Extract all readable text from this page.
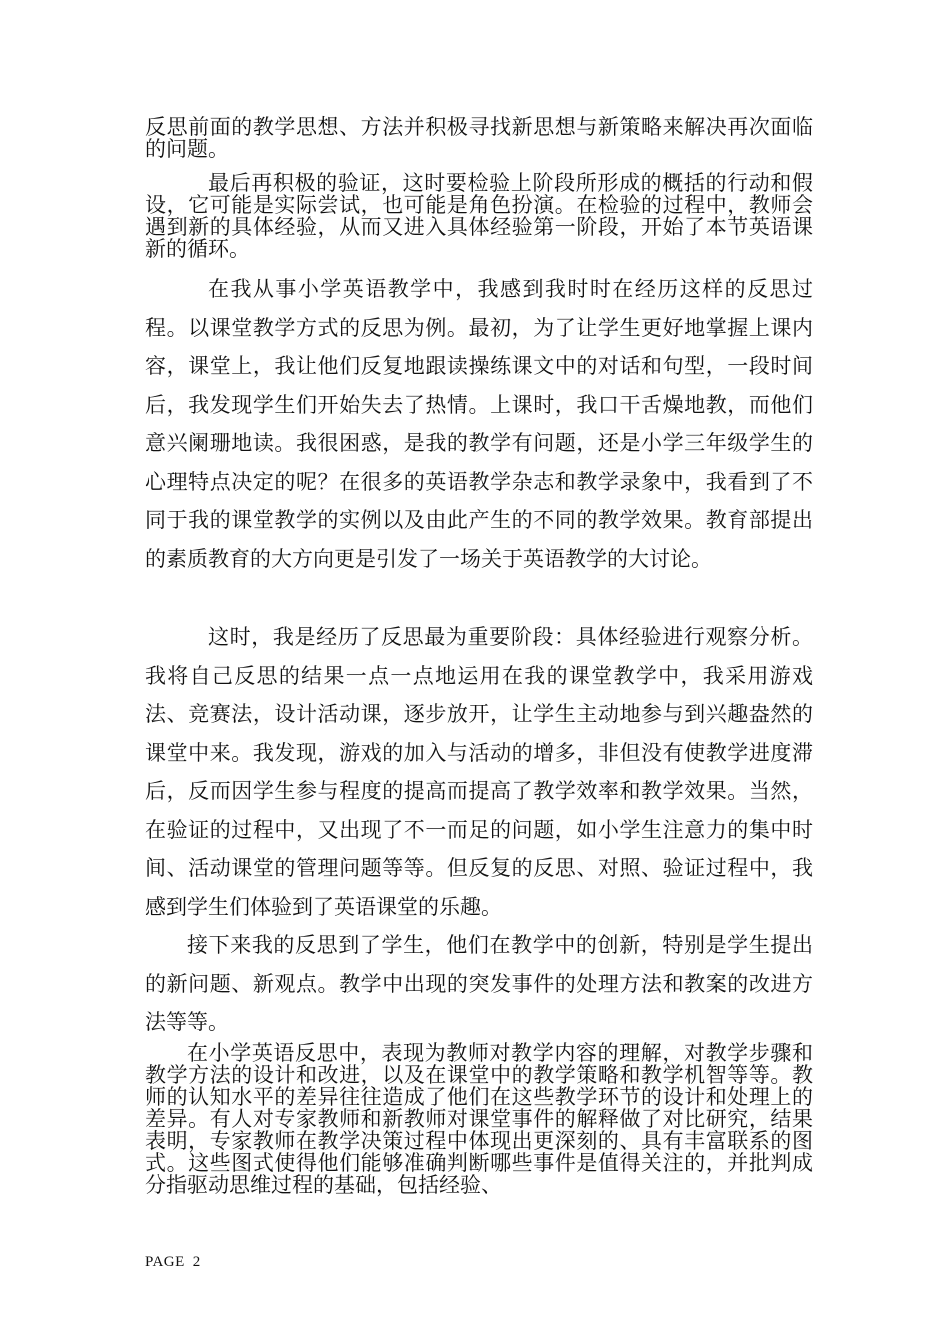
反思前面的教学思想、方法并积极寻找新思想与新策略来解决再次面临的问题。

最后再积极的验证，这时要检验上阶段所形成的概括的行动和假设，它可能是实际尝试，也可能是角色扮演。在检验的过程中，教师会遇到新的具体经验，从而又进入具体经验第一阶段，开始了本节英语课新的循环。

在我从事小学英语教学中，我感到我时时在经历这样的反思过程。以课堂教学方式的反思为例。最初，为了让学生更好地掌握上课内容，课堂上，我让他们反复地跟读操练课文中的对话和句型，一段时间后，我发现学生们开始失去了热情。上课时，我口干舌燥地教，而他们意兴阑珊地读。我很困惑，是我的教学有问题，还是小学三年级学生的心理特点决定的呢？在很多的英语教学杂志和教学录象中，我看到了不同于我的课堂教学的实例以及由此产生的不同的教学效果。教育部提出的素质教育的大方向更是引发了一场关于英语教学的大讨论。

这时，我是经历了反思最为重要阶段：具体经验进行观察分析。我将自己反思的结果一点一点地运用在我的课堂教学中，我采用游戏法、竞赛法，设计活动课，逐步放开，让学生主动地参与到兴趣盎然的课堂中来。我发现，游戏的加入与活动的增多，非但没有使教学进度滞后，反而因学生参与程度的提高而提高了教学效率和教学效果。当然，在验证的过程中，又出现了不一而足的问题，如小学生注意力的集中时间、活动课堂的管理问题等等。但反复的反思、对照、验证过程中，我感到学生们体验到了英语课堂的乐趣。

接下来我的反思到了学生，他们在教学中的创新，特别是学生提出的新问题、新观点。教学中出现的突发事件的处理方法和教案的改进方法等等。

在小学英语反思中，表现为教师对教学内容的理解，对教学步骤和教学方法的设计和改进，以及在课堂中的教学策略和教学机智等等。教师的认知水平的差异往往造成了他们在这些教学环节的设计和处理上的差异。有人对专家教师和新教师对课堂事件的解释做了对比研究，结果表明，专家教师在教学决策过程中体现出更深刻的、具有丰富联系的图式。这些图式使得他们能够准确判断哪些事件是值得关注的，并批判成分指驱动思维过程的基础，包括经验、

PAGE 2
